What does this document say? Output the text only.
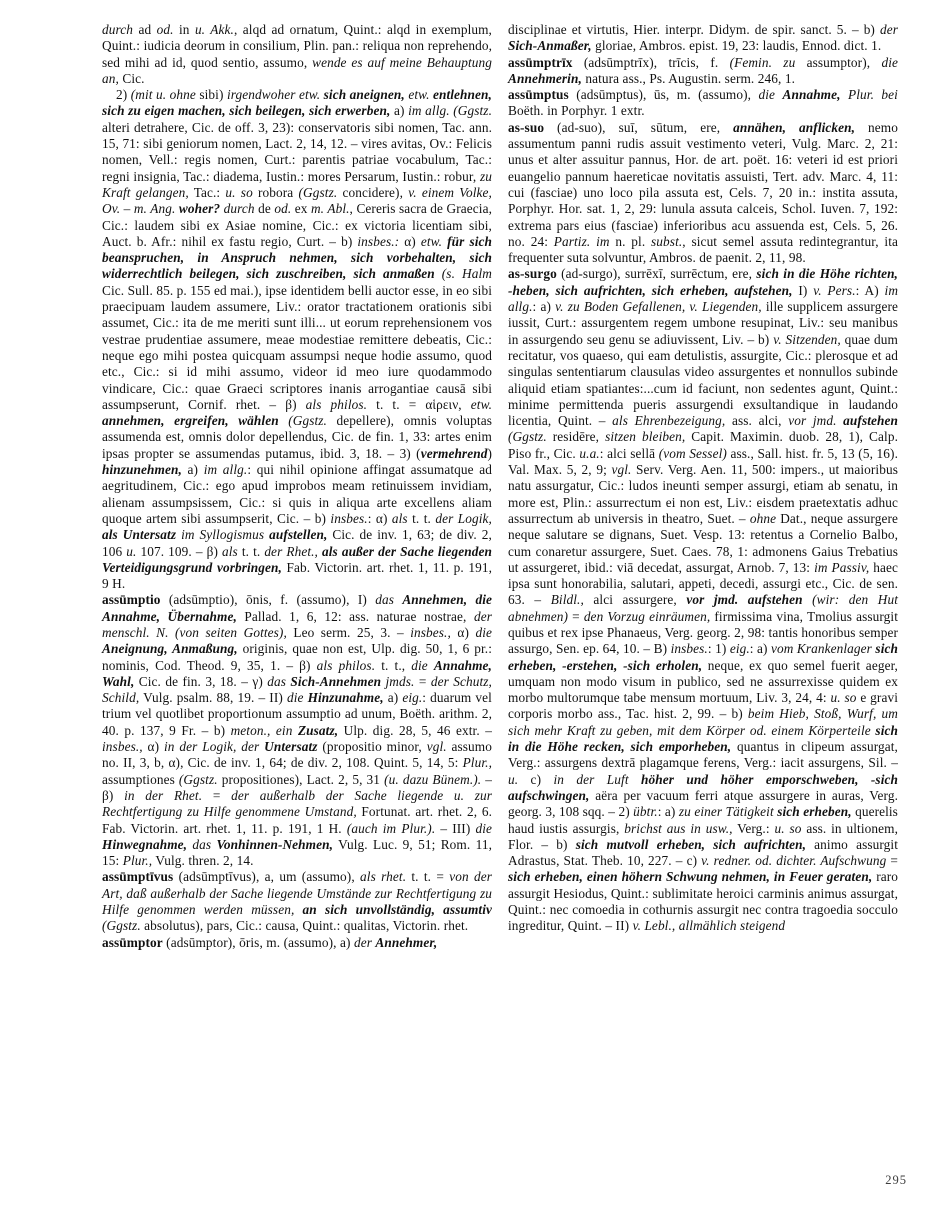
durch ad od. in u. Akk., alqd ad ornatum, Quint.: alqd in exemplum, Quint.: iudicia deorum in consilium, Plin. pan.: reliqua non reprehendo, sed mihi ad id, quod sentio, assumo, wende es auf meine Behauptung an, Cic.

2) (mit u. ohne sibi) irgendwoher etw. sich aneignen, etw. entlehnen, sich zu eigen machen, sich beilegen, sich erwerben, a) im allg. (Ggstz. alteri detrahere, Cic. de off. 3, 23): conservatoris sibi nomen, Tac. ann. 15, 71: sibi geniorum nomen, Lact. 2, 14, 12. – vires avitas, Ov.: Felicis nomen, Vell.: regis nomen, Curt.: parentis patriae vocabulum, Tac.: regni insignia, Tac.: diadema, Iustin.: mores Persarum, Iustin.: robur, zu Kraft gelangen, Tac.: u. so robora (Ggstz. concidere), v. einem Volke, Ov. – m. Ang. woher? durch de od. ex m. Abl., Cereris sacra de Graecia, Cic.: laudem sibi ex Asiae nomine, Cic.: ex victoria licentiam sibi, Auct. b. Afr.: nihil ex fastu regio, Curt. – b) insbes.: α) etw. für sich beanspruchen, in Anspruch nehmen, sich vorbehalten, sich widerrechtlich beilegen, sich zuschreiben, sich anmaßen (s. Halm Cic. Sull. 85. p. 155 ed mai.), ipse identidem belli auctor esse, in eo sibi praecipuam laudem assumere, Liv.: orator tractationem orationis sibi assumet, Cic.: ita de me meriti sunt illi... ut eorum reprehensionem vos vestrae prudentiae assumere, meae modestiae remittere debeatis, Cic.: neque ego mihi postea quicquam assumpsi neque hodie assumo, quod etc., Cic.: si id mihi assumo, videor id meo iure quodammodo vindicare, Cic.: quae Graeci scriptores inanis arrogantiae causā sibi assumpserunt, Cornif. rhet. – β) als philos. t. t. = αἱρειν, etw. annehmen, ergreifen, wählen (Ggstz. depellere), omnis voluptas assumenda est, omnis dolor depellendus, Cic. de fin. 1, 33: artes enim ipsas propter se assumendas putamus, ibid. 3, 18. – 3) (vermehrend) hinzunehmen, a) im allg.: qui nihil opinione affingat assumatque ad aegritudinem, Cic.: ego apud improbos meam retinuissem invidiam, alienam assumpsissem, Cic.: si quis in aliqua arte excellens aliam quoque artem sibi assumpserit, Cic. – b) insbes.: α) als t. t. der Logik, als Untersatz im Syllogismus aufstellen, Cic. de inv. 1, 63; de div. 2, 106 u. 107. 109. – β) als t. t. der Rhet., als außer der Sache liegenden Verteidigungsgrund vorbringen, Fab. Victorin. art. rhet. 1, 11. p. 191, 9 H.

assūmptio (adsūmptio), ōnis, f. (assumo), I) das Annehmen, die Annahme, Übernahme, Pallad. 1, 6, 12: ass. naturae nostrae, der menschl. N. (von seiten Gottes), Leo serm. 25, 3. – insbes., α) die Aneignung, Anmaßung, originis, quae non est, Ulp. dig. 50, 1, 6 pr.: nominis, Cod. Theod. 9, 35, 1. – β) als philos. t. t., die Annahme, Wahl, Cic. de fin. 3, 18. – γ) das Sich-Annehmen jmds. = der Schutz, Schild, Vulg. psalm. 88, 19. – II) die Hinzunahme, a) eig.: duarum vel trium vel quotlibet proportionum assumptio ad unum, Boëth. arithm. 2, 40. p. 137, 9 Fr. – b) meton., ein Zusatz, Ulp. dig. 28, 5, 46 extr. – insbes., α) in der Logik, der Untersatz (propositio minor, vgl. assumo no. II, 3, b, α), Cic. de inv. 1, 64; de div. 2, 108. Quint. 5, 14, 5: Plur., assumptiones (Ggstz. propositiones), Lact. 2, 5, 31 (u. dazu Bünem.). – β) in der Rhet. = der außerhalb der Sache liegende u. zur Rechtfertigung zu Hilfe genommene Umstand, Fortunat. art. rhet. 2, 6. Fab. Victorin. art. rhet. 1, 11. p. 191, 1 H. (auch im Plur.). – III) die Hinwegnahme, das Vonhinnen-Nehmen, Vulg. Luc. 9, 51; Rom. 11, 15: Plur., Vulg. thren. 2, 14.

assūmptīvus (adsūmptīvus), a, um (assumo), als rhet. t. t. = von der Art, daß außerhalb der Sache liegende Umstände zur Rechtfertigung zu Hilfe genommen werden müssen, an sich unvollständig, assumtiv (Ggstz. absolutus), pars, Cic.: causa, Quint.: qualitas, Victorin. rhet.

assūmptor (adsūmptor), ōris, m. (assumo), a) der Annehmer,

disciplinae et virtutis, Hier. interpr. Didym. de spir. sanct. 5. – b) der Sich-Anmaßer, gloriae, Ambros. epist. 19, 23: laudis, Ennod. dict. 1.

assūmptrīx (adsūmptrīx), trīcis, f. (Femin. zu assumptor), die Annehmerin, natura ass., Ps. Augustin. serm. 246, 1.

assūmptus (adsūmptus), ūs, m. (assumo), die Annahme, Plur. bei Boëth. in Porphyr. 1 extr.

as-suo (ad-suo), suī, sūtum, ere, annähen, anflicken, nemo assumentum panni rudis assuit vestimento veteri, Vulg. Marc. 2, 21: unus et alter assuitur pannus, Hor. de art. poët. 16: veteri id est priori euangelio pannum haereticae novitatis assuisti, Tert. adv. Marc. 4, 11: cui (fasciae) uno loco pila assuta est, Cels. 7, 20 in.: instita assuta, Porphyr. Hor. sat. 1, 2, 29: lunula assuta calceis, Schol. Iuven. 7, 192: extrema pars eius (fasciae) inferioribus acu assuenda est, Cels. 5, 26. no. 24: Partiz. im n. pl. subst., sicut semel assuta redintegrantur, ita frequenter suta solvuntur, Ambros. de paenit. 2, 11, 98.

as-surgo (ad-surgo), surrēxī, surrēctum, ere, sich in die Höhe richten, -heben, sich aufrichten, sich erheben, aufstehen, I) v. Pers.: A) im allg.: a) v. zu Boden Gefallenen, v. Liegenden, ille supplicem assurgere iussit, Curt.: assurgentem regem umbone resupinat, Liv.: seu manibus in assurgendo seu genu se adiuvissent, Liv. – b) v. Sitzenden, quae dum recitatur, vos quaeso, qui eam detulistis, assurgite, Cic.: plerosque et ad singulas sententiarum clausulas video assurgentes et nonnullos subinde aliquid etiam spatiantes:...cum id faciunt, non sedentes agunt, Quint.: minime permittenda pueris assurgendi exsultandique in laudando licentia, Quint. – als Ehrenbezeigung, ass. alci, vor jmd. aufstehen (Ggstz. residēre, sitzen bleiben, Capit. Maximin. duob. 28, 1), Calp. Piso fr., Cic. u.a.: alci sellā (vom Sessel) ass., Sall. hist. fr. 5, 13 (5, 16). Val. Max. 5, 2, 9; vgl. Serv. Verg. Aen. 11, 500: impers., ut maioribus natu assurgatur, Cic.: ludos ineunti semper assurgi, etiam ab senatu, in more est, Plin.: assurrectum ei non est, Liv.: eisdem praetextatis adhuc assurrectum ab universis in theatro, Suet. – ohne Dat., neque assurgere neque salutare se dignans, Suet. Vesp. 13: retentus a Cornelio Balbo, cum conaretur assurgere, Suet. Caes. 78, 1: admonens Gaius Trebatius ut assurgeret, ibid.: viā decedat, assurgat, Arnob. 7, 13: im Passiv, haec ipsa sunt honorabilia, salutari, appeti, decedi, assurgi etc., Cic. de sen. 63. – Bildl., alci assurgere, vor jmd. aufstehen (wir: den Hut abnehmen) = den Vorzug einräumen, firmissima vina, Tmolius assurgit quibus et rex ipse Phanaeus, Verg. georg. 2, 98: tantis honoribus semper assurgo, Sen. ep. 64, 10. – B) insbes.: 1) eig.: a) vom Krankenlager sich erheben, -erstehen, -sich erholen, neque, ex quo semel fuerit aeger, umquam non modo visum in publico, sed ne assurrexisse quidem ex morbo multorumque tabe mensum mortuum, Liv. 3, 24, 4: u. so e gravi corporis morbo ass., Tac. hist. 2, 99. – b) beim Hieb, Stoß, Wurf, um sich mehr Kraft zu geben, mit dem Körper od. einem Körperteile sich in die Höhe recken, sich emporheben, quantus in clipeum assurgat, Verg.: assurgens dextrā plagamque ferens, Verg.: iacit assurgens, Sil. – u. c) in der Luft höher und höher emporschweben, -sich aufschwingen, aëra per vacuum ferri atque assurgere in auras, Verg. georg. 3, 108 sqq. – 2) übtr.: a) zu einer Tätigkeit sich erheben, querelis haud iustis assurgis, brichst aus in usw., Verg.: u. so ass. in ultionem, Flor. – b) sich mutvoll erheben, sich aufrichten, animo assurgit Adrastus, Stat. Theb. 10, 227. – c) v. redner. od. dichter. Aufschwung = sich erheben, einen höhern Schwung nehmen, in Feuer geraten, raro assurgit Hesiodus, Quint.: sublimitate heroici carminis animus assurgat, Quint.: nec comoedia in cothurnis assurgit nec contra tragoedia socculo ingreditur, Quint. – II) v. Lebl., allmählich steigend

295
